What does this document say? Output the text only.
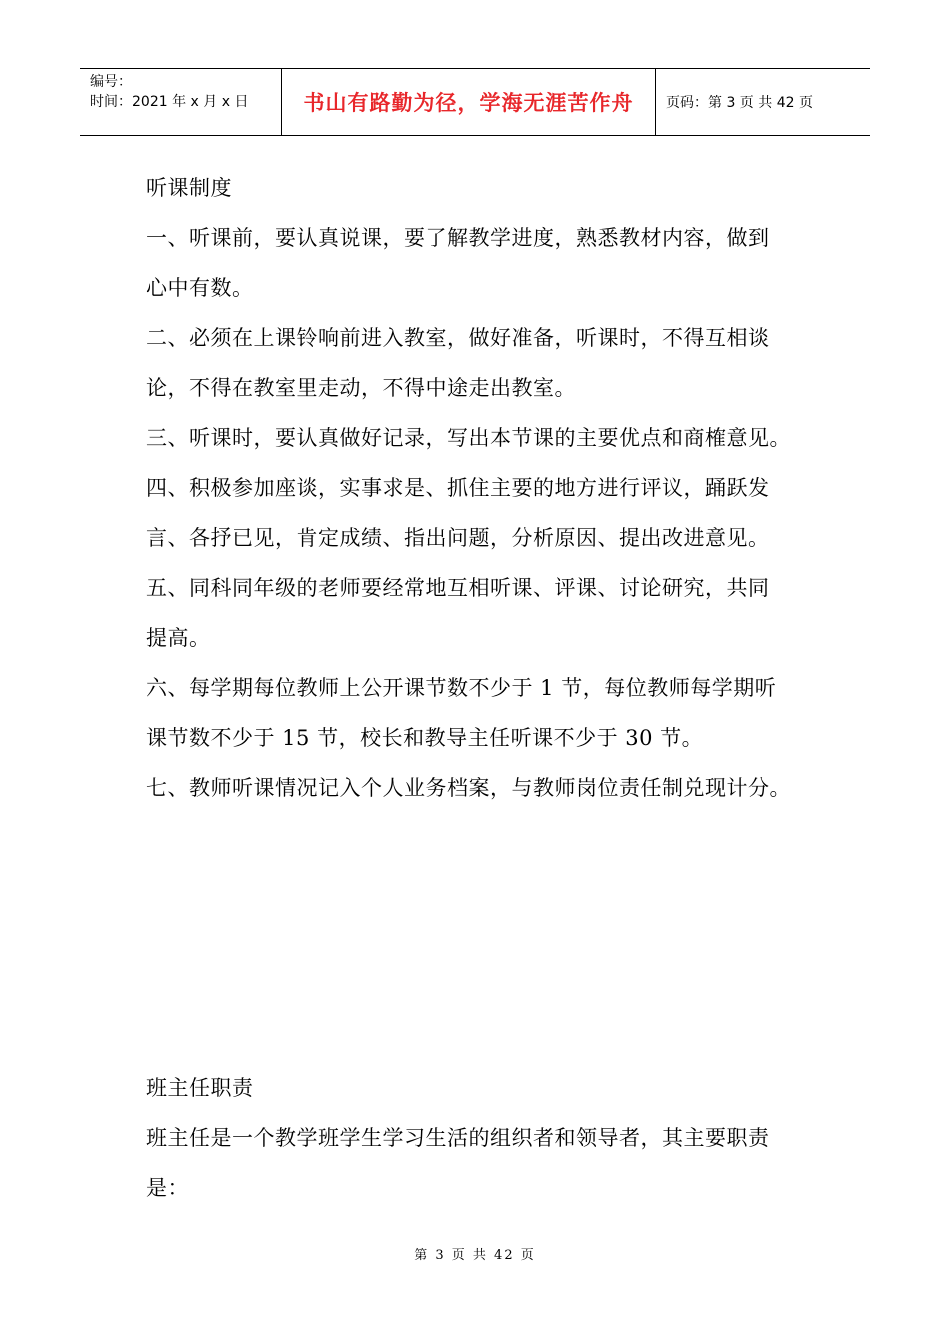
编号：
时间：2021 年 x 月 x 日	书山有路勤为径，学海无涯苦作舟	页码：第 3 页 共 42 页
听课制度
一、听课前，要认真说课，要了解教学进度，熟悉教材内容，做到
心中有数。
二、必须在上课铃响前进入教室，做好准备，听课时，不得互相谈
论，不得在教室里走动，不得中途走出教室。
三、听课时，要认真做好记录，写出本节课的主要优点和商榷意见。
四、积极参加座谈，实事求是、抓住主要的地方进行评议，踊跃发
言、各抒已见，肯定成绩、指出问题，分析原因、提出改进意见。
五、同科同年级的老师要经常地互相听课、评课、讨论研究，共同
提高。
六、每学期每位教师上公开课节数不少于 1 节，每位教师每学期听
课节数不少于 15 节，校长和教导主任听课不少于 30 节。
七、教师听课情况记入个人业务档案，与教师岗位责任制兑现计分。
班主任职责
班主任是一个教学班学生学习生活的组织者和领导者，其主要职责
是：
第 3 页 共 42 页
